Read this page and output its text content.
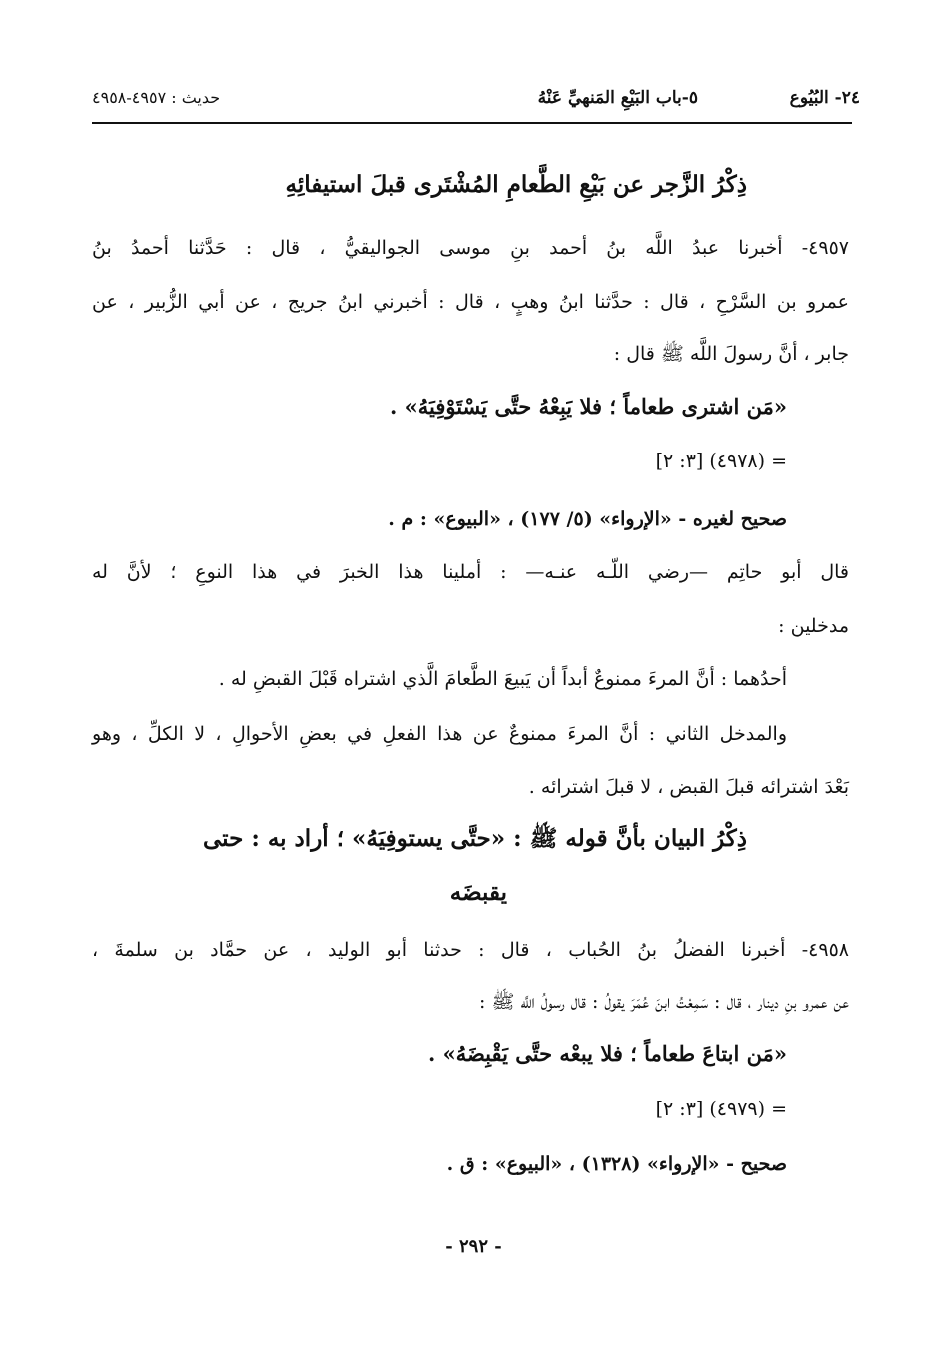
٢٤- البُيُوع
٥-باب البَيْعِ المَنهيِّ عَنْهُ
حديث : ٤٩٥٧-٤٩٥٨
ذِكْرُ الزَّجر عن بَيْعِ الطَّعامِ المُشْتَرى قبلَ استيفائِهِ
٤٩٥٧- أخبرنا عبدُ اللَّه بنُ أحمد بنِ موسى الجواليقيُّ ، قال : حَدَّثنا أحمدُ بنُ
عمرو بن السَّرْحِ ، قال : حدَّثنا ابنُ وهبٍ ، قال : أخبرني ابنُ جريج ، عن أبي الزُّبير ، عن
جابر ، أنَّ رسولَ اللَّه ﷺ قال :
«مَن اشترى طعاماً ؛ فلا يَبِعْهُ حتَّى يَسْتَوْفِيَهُ» .
= (٤٩٧٨) [٣: ٢]
صحيح لغيره - «الإرواء» (٥/ ١٧٧) ، «البيوع» : م .
قال أبو حاتِم —رضي اللّـه عنـه— : أملينا هذا الخبرَ في هذا النوعِ ؛ لأنَّ له
مدخلين :
أحدُهما : أنَّ المرءَ ممنوعٌ أبداً أن يَبيعَ الطَّعامَ الَّذي اشتراه قَبْلَ القبضِ له .
والمدخل الثاني : أنَّ المرءَ ممنوعٌ عن هذا الفعلِ في بعضِ الأحوالِ ، لا الكلِّ ، وهو
بَعْدَ اشترائه قبلَ القبض ، لا قبلَ اشترائه .
ذِكْرُ البيان بأنَّ قوله ﷺ : «حتَّى يستوفِيَهُ» ؛ أراد به : حتى
يقبضَه
٤٩٥٨- أخبرنا الفضلُ بنُ الحُباب ، قال : حدثنا أبو الوليد ، عن حمَّاد بن سلمةَ ،
عن عمرو بنِ دينار ، قال : سَمِعْتُ ابنَ عُمَرَ يقولُ : قال رسولُ اللَّه ﷺ :
«مَن ابتاعَ طعاماً ؛ فلا يبعْه حتَّى يَقْبِضَهُ» .
= (٤٩٧٩) [٣: ٢]
صحيح - «الإرواء» (١٣٢٨) ، «البيوع» : ق .
- ٢٩٢ -
